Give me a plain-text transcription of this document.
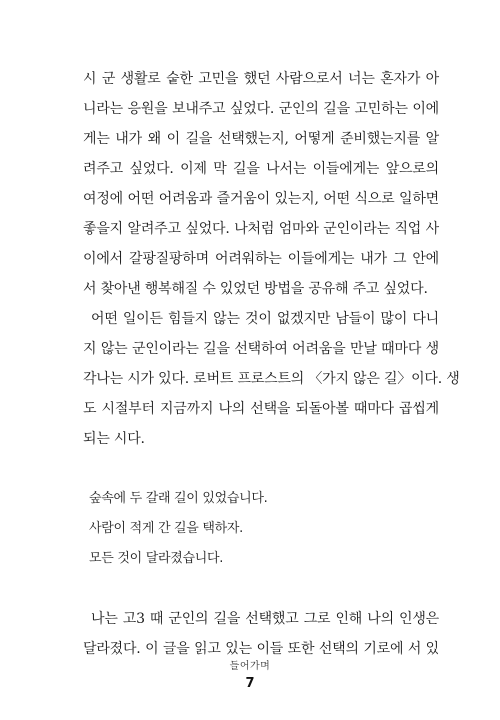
시 군 생활로 숱한 고민을 했던 사람으로서 너는 혼자가 아
니라는 응원을 보내주고 싶었다. 군인의 길을 고민하는 이에
게는 내가 왜 이 길을 선택했는지, 어떻게 준비했는지를 알
려주고 싶었다. 이제 막 길을 나서는 이들에게는 앞으로의
여정에 어떤 어려움과 즐거움이 있는지, 어떤 식으로 일하면
좋을지 알려주고 싶었다. 나처럼 엄마와 군인이라는 직업 사
이에서 갈팡질팡하며 어려워하는 이들에게는 내가 그 안에
서 찾아낸 행복해질 수 있었던 방법을 공유해 주고 싶었다.
어떤 일이든 힘들지 않는 것이 없겠지만 남들이 많이 다니
지 않는 군인이라는 길을 선택하여 어려움을 만날 때마다 생
각나는 시가 있다. 로버트 프로스트의 〈가지 않은 길〉이다. 생
도 시절부터 지금까지 나의 선택을 되돌아볼 때마다 곱씹게
되는 시다.
숲속에 두 갈래 길이 있었습니다.
사람이 적게 간 길을 택하자.
모든 것이 달라졌습니다.
나는 고3 때 군인의 길을 선택했고 그로 인해 나의 인생은
달라졌다. 이 글을 읽고 있는 이들 또한 선택의 기로에 서 있
들어가며
7
